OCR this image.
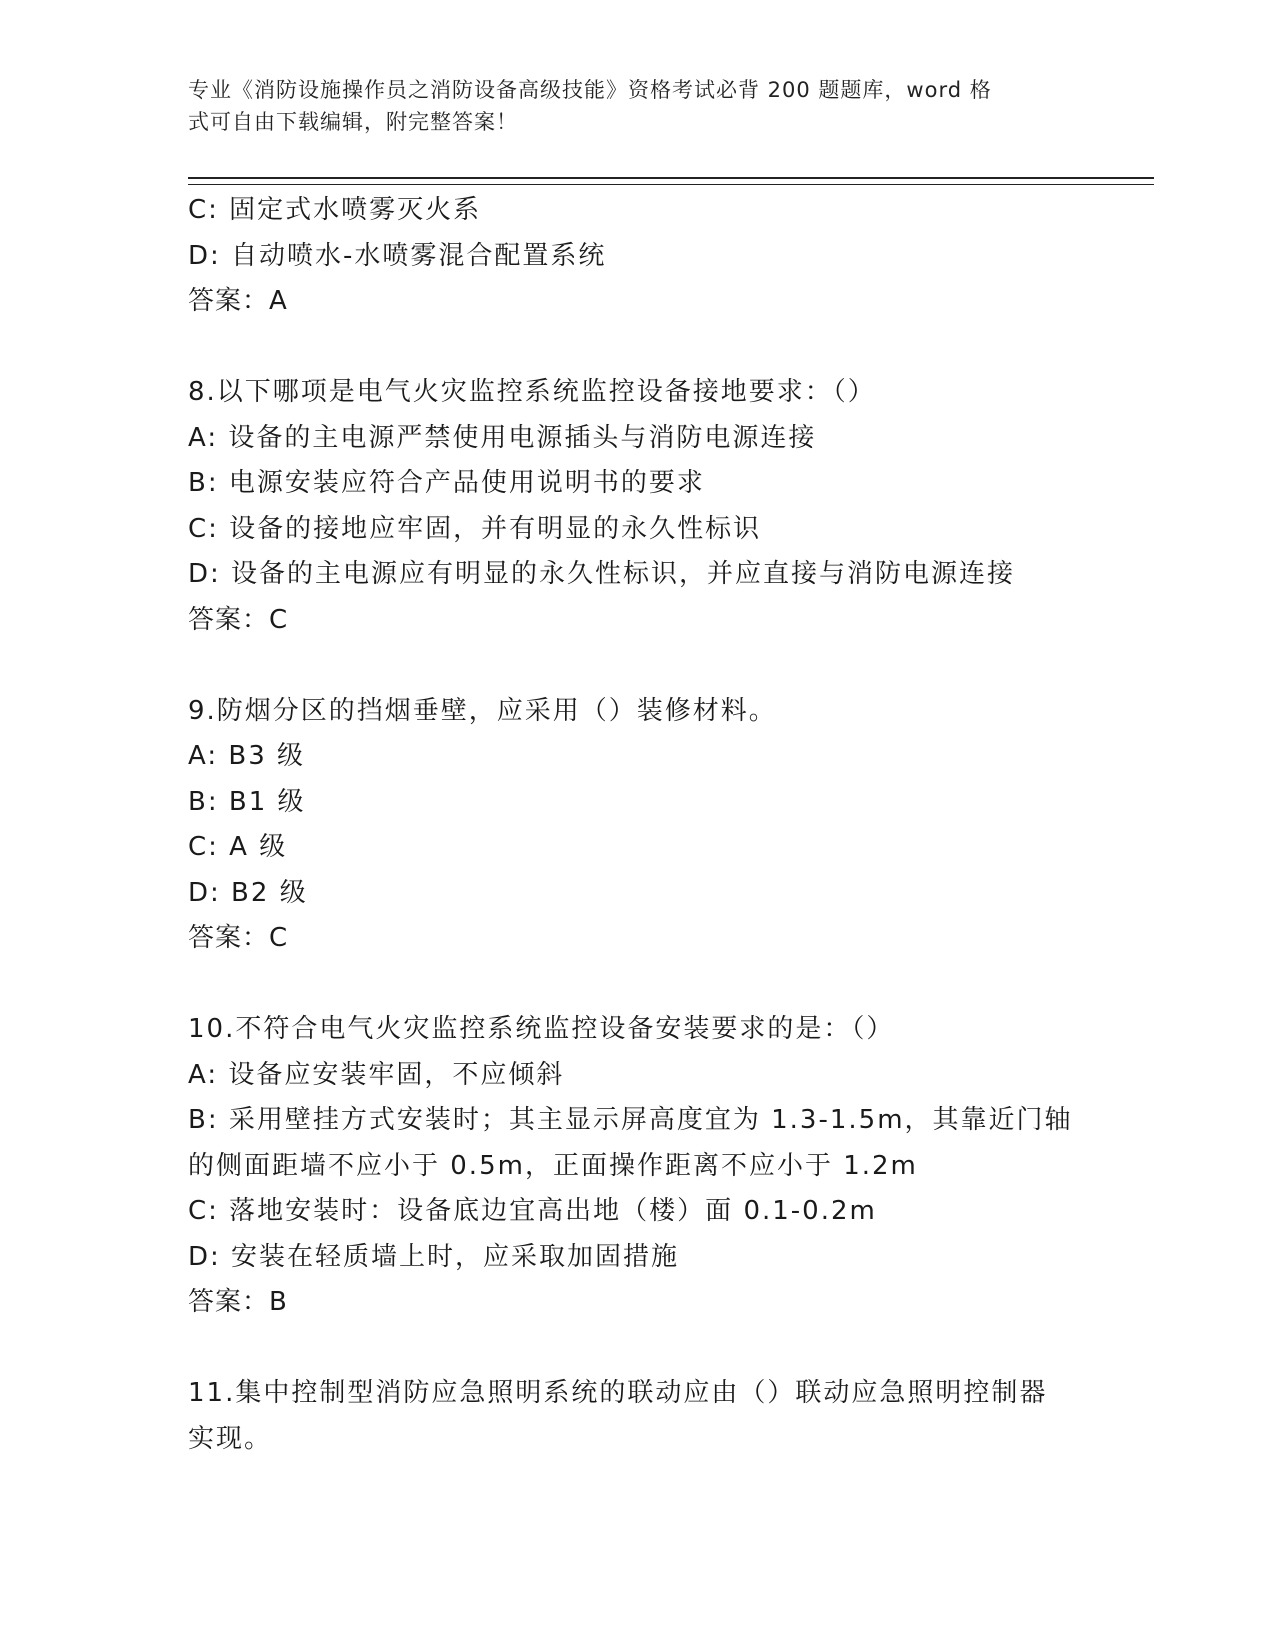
专业《消防设施操作员之消防设备高级技能》资格考试必背 200 题题库，word 格
式可自由下载编辑，附完整答案！
C: 固定式水喷雾灭火系
D: 自动喷水-水喷雾混合配置系统
答案：A
8.以下哪项是电气火灾监控系统监控设备接地要求：（）
A: 设备的主电源严禁使用电源插头与消防电源连接
B: 电源安装应符合产品使用说明书的要求
C: 设备的接地应牢固，并有明显的永久性标识
D: 设备的主电源应有明显的永久性标识，并应直接与消防电源连接
答案：C
9.防烟分区的挡烟垂壁，应采用（）装修材料。
A: B3 级
B: B1 级
C: A 级
D: B2 级
答案：C
10.不符合电气火灾监控系统监控设备安装要求的是：（）
A: 设备应安装牢固，不应倾斜
B: 采用壁挂方式安装时；其主显示屏高度宜为 1.3-1.5m，其靠近门轴
的侧面距墙不应小于 0.5m，正面操作距离不应小于 1.2m
C: 落地安装时：设备底边宜高出地（楼）面 0.1-0.2m
D: 安装在轻质墙上时，应采取加固措施
答案：B
11.集中控制型消防应急照明系统的联动应由（）联动应急照明控制器
实现。
